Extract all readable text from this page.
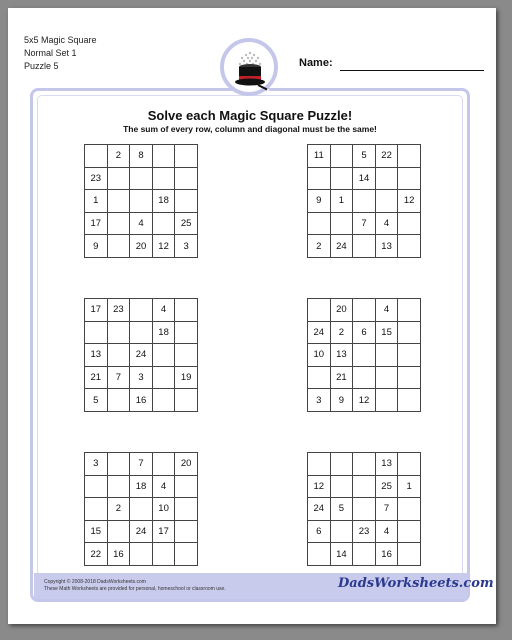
5x5 Magic Square
Normal Set 1
Puzzle 5	Name:
Solve each Magic Square Puzzle!
The sum of every row, column and diagonal must be the same!
	2	8		
23				
1			18	
17		4		25
9		20	12	3
11		5	22	
		14		
9	1			12
		7	4	
2	24		13	
17	23		4	
			18	
13		24		
21	7	3		19
5		16		
	20		4	
24	2	6	15	
10	13			
	21			
3	9	12		
3		7		20
		18	4	
	2		10	
15		24	17	
22	16			
			13	
12			25	1
24	5		7	
6		23	4	
	14		16	
Copyright © 2008-2018 DadsWorksheets.com
These Math Worksheets are provided for personal, homeschool or classroom use.	DadsWorksheets.com
